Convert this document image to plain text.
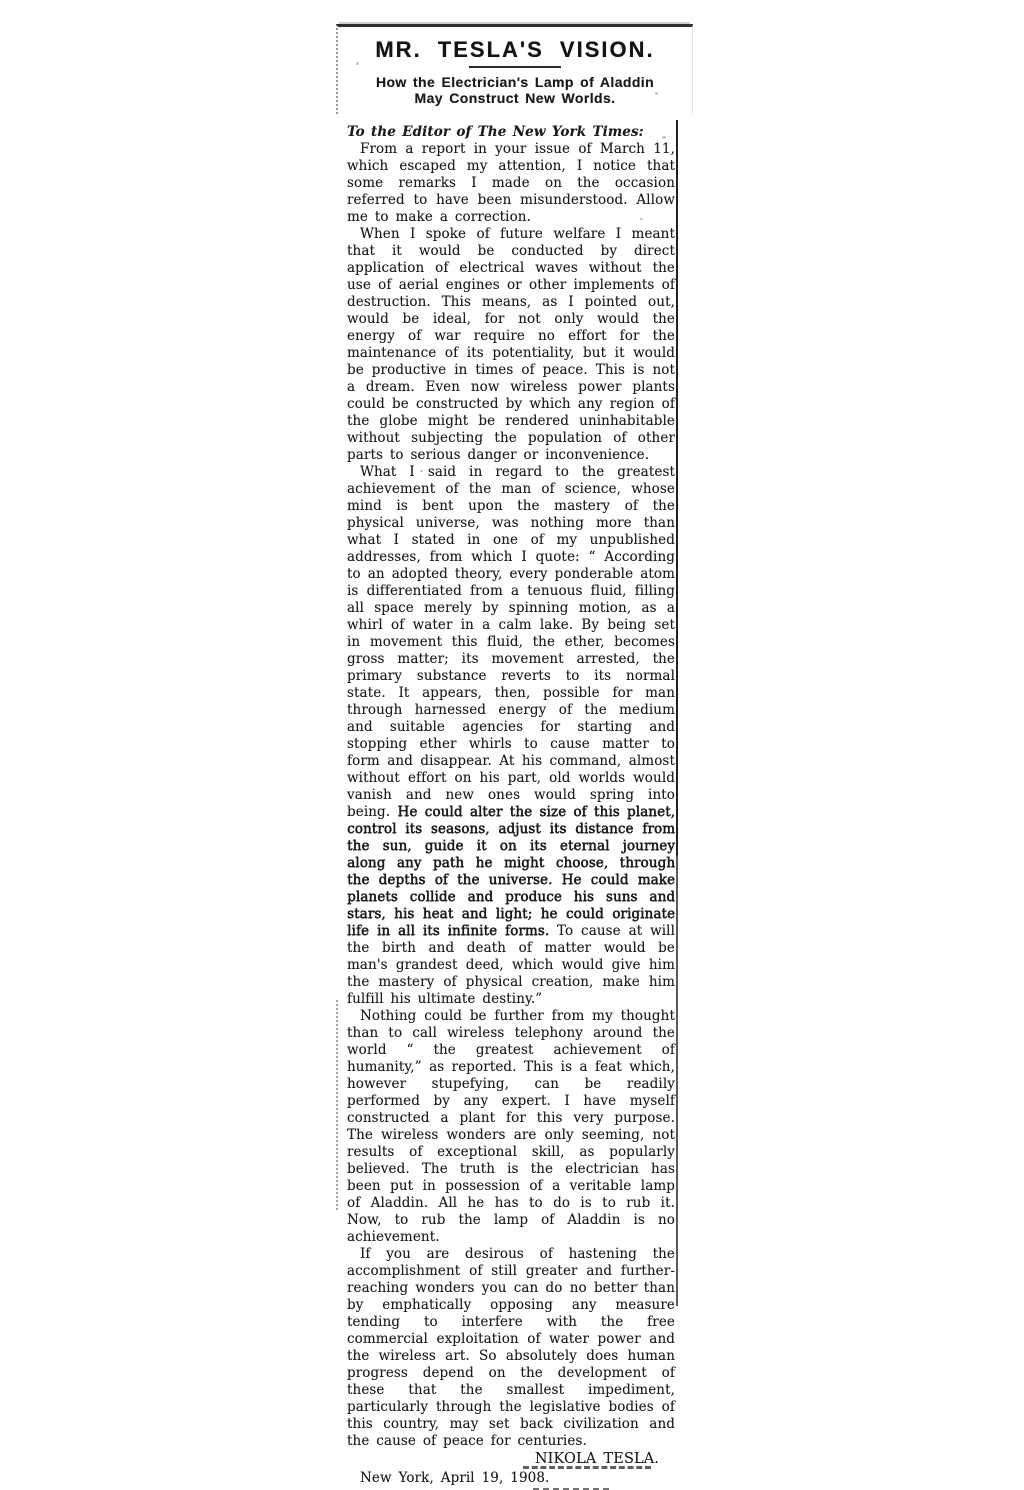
MR. TESLA'S VISION.
How the Electrician's Lamp of Aladdin
May Construct New Worlds.

To the Editor of The New York Times:

From a report in your issue of March 11, which escaped my attention, I notice that some remarks I made on the occasion referred to have been misunderstood. Allow me to make a correction.

When I spoke of future welfare I meant that it would be conducted by direct application of electrical waves without the use of aerial engines or other implements of destruction. This means, as I pointed out, would be ideal, for not only would the energy of war require no effort for the maintenance of its potentiality, but it would be productive in times of peace. This is not a dream. Even now wireless power plants could be constructed by which any region of the globe might be rendered uninhabitable without subjecting the population of other parts to serious danger or inconvenience.

What I said in regard to the greatest achievement of the man of science, whose mind is bent upon the mastery of the physical universe, was nothing more than what I stated in one of my unpublished addresses, from which I quote: “ According to an adopted theory, every ponderable atom is differentiated from a tenuous fluid, filling all space merely by spinning motion, as a whirl of water in a calm lake. By being set in movement this fluid, the ether, becomes gross matter; its movement arrested, the primary substance reverts to its normal state. It appears, then, possible for man through harnessed energy of the medium and suitable agencies for starting and stopping ether whirls to cause matter to form and disappear. At his command, almost without effort on his part, old worlds would vanish and new ones would spring into being. He could alter the size of this planet, control its seasons, adjust its distance from the sun, guide it on its eternal journey along any path he might choose, through the depths of the universe. He could make planets collide and produce his suns and stars, his heat and light; he could originate life in all its infinite forms. To cause at will the birth and death of matter would be man's grandest deed, which would give him the mastery of physical creation, make him fulfill his ultimate destiny.”

Nothing could be further from my thought than to call wireless telephony around the world “ the greatest achievement of humanity,” as reported. This is a feat which, however stupefying, can be readily performed by any expert. I have myself constructed a plant for this very purpose. The wireless wonders are only seeming, not results of exceptional skill, as popularly believed. The truth is the electrician has been put in possession of a veritable lamp of Aladdin. All he has to do is to rub it. Now, to rub the lamp of Aladdin is no achievement.

If you are desirous of hastening the accomplishment of still greater and further-reaching wonders you can do no better than by emphatically opposing any measure tending to interfere with the free commercial exploitation of water power and the wireless art. So absolutely does human progress depend on the development of these that the smallest impediment, particularly through the legislative bodies of this country, may set back civilization and the cause of peace for centuries.

NIKOLA TESLA.

New York, April 19, 1908.
